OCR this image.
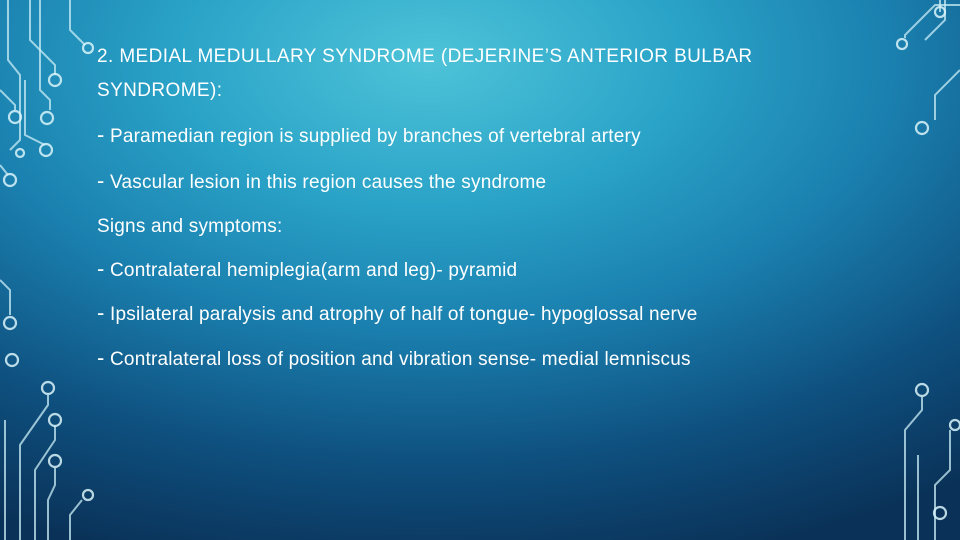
2. MEDIAL MEDULLARY SYNDROME (DEJERINE’S ANTERIOR BULBAR SYNDROME):
- Paramedian region is supplied by branches of vertebral artery
- Vascular lesion in this region causes the syndrome
Signs and symptoms:
- Contralateral hemiplegia(arm and leg)- pyramid
- Ipsilateral paralysis and atrophy of half of tongue- hypoglossal nerve
- Contralateral loss of position and vibration sense- medial lemniscus
